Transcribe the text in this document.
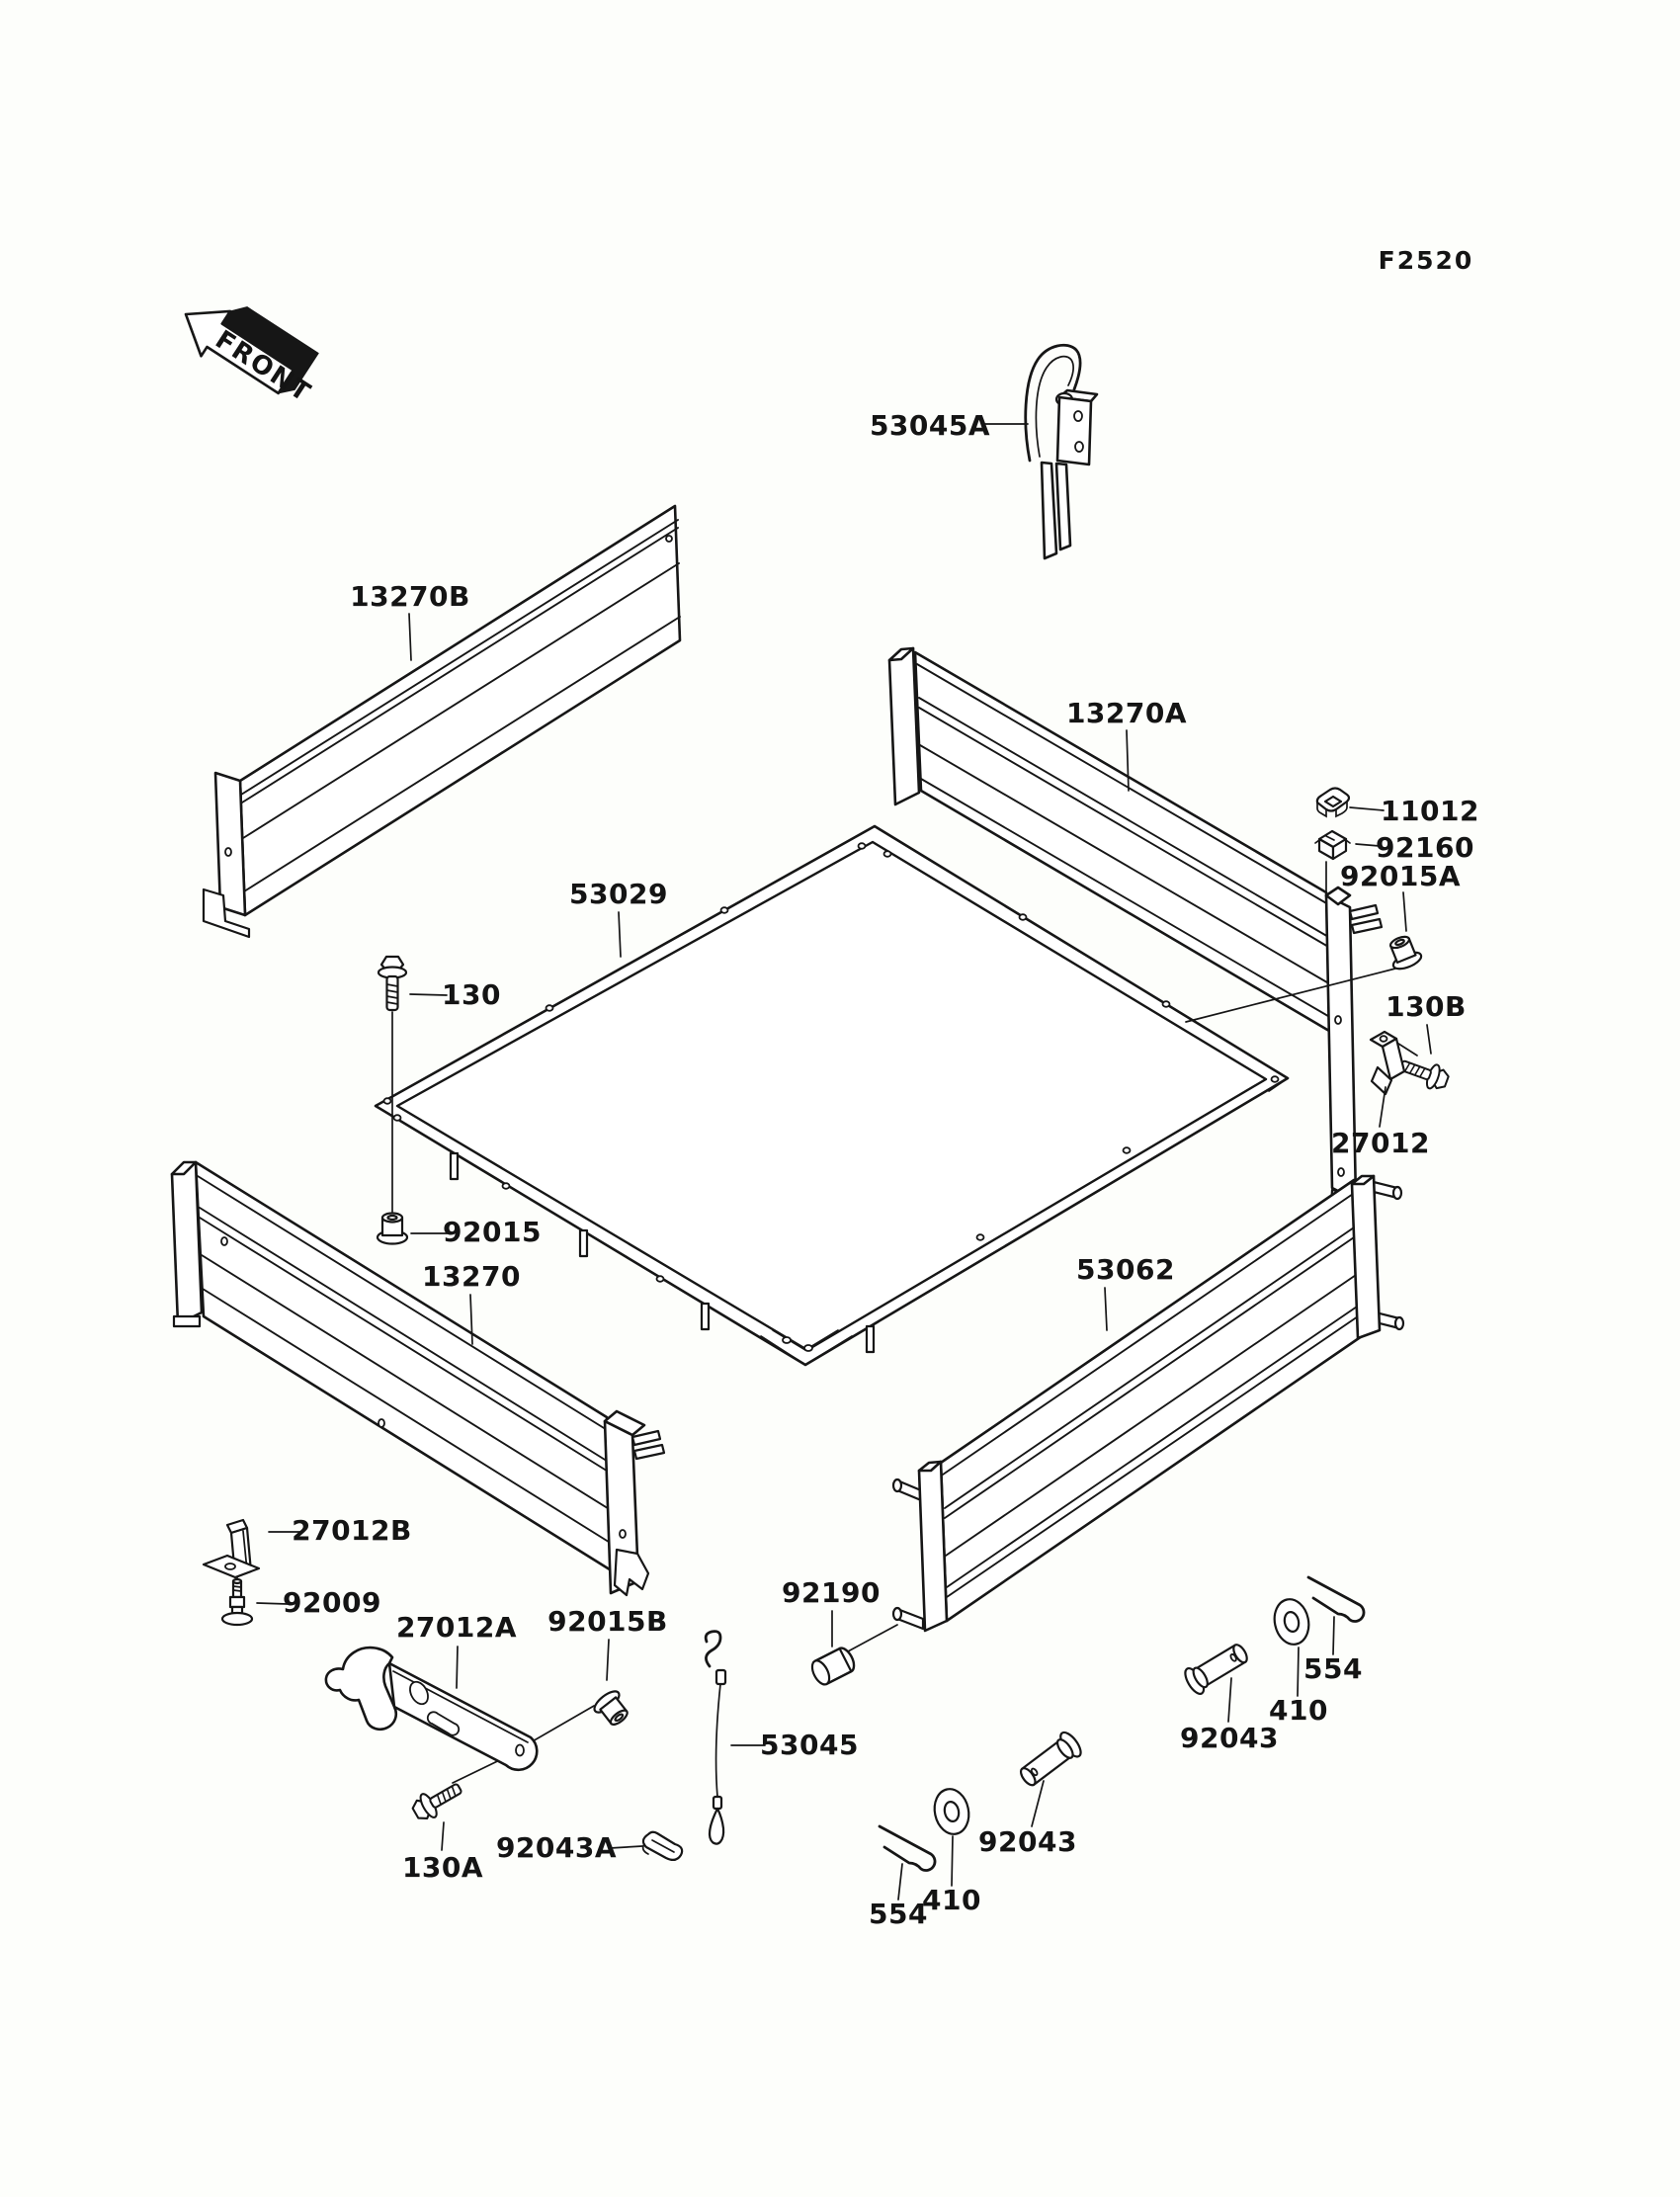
FRONT
F2520
53045A
13270B
13270A
11012
92160
92015A
53029
130	130B
27012
92015
13270	53062
27012B
92009
27012A 92015B
92190
53045
92043A
130A
554
410
92043
92043
410
554
